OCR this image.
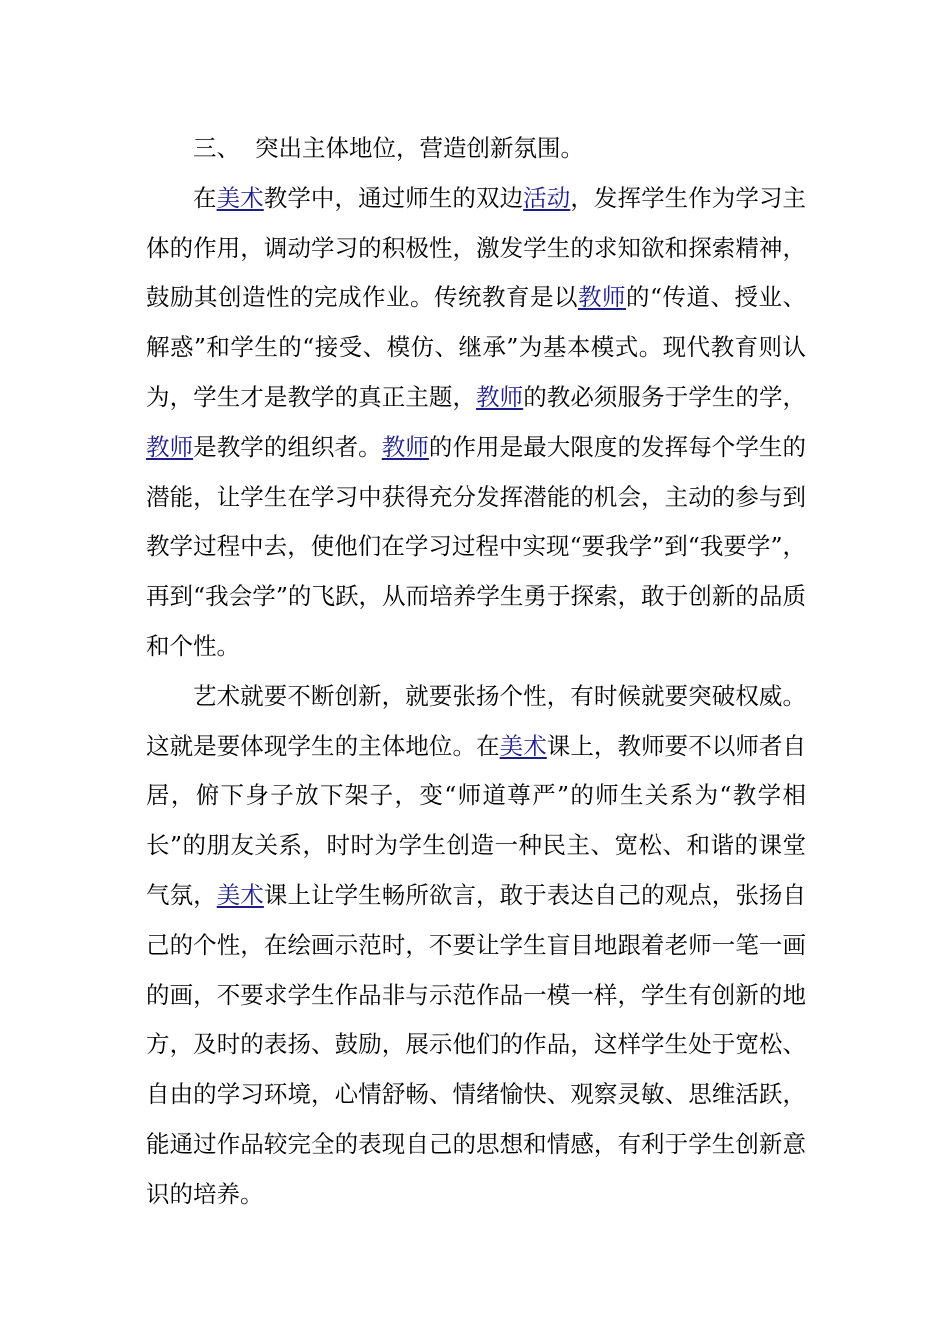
三、 突出主体地位，营造创新氛围。

在美术教学中，通过师生的双边活动，发挥学生作为学习主体的作用，调动学习的积极性，激发学生的求知欲和探索精神，鼓励其创造性的完成作业。传统教育是以教师的“传道、授业、解惑”和学生的“接受、模仿、继承”为基本模式。现代教育则认为，学生才是教学的真正主题，教师的教必须服务于学生的学，教师是教学的组织者。教师的作用是最大限度的发挥每个学生的潜能，让学生在学习中获得充分发挥潜能的机会，主动的参与到教学过程中去，使他们在学习过程中实现“要我学”到“我要学”，再到“我会学”的飞跃，从而培养学生勇于探索，敢于创新的品质和个性。

艺术就要不断创新，就要张扬个性，有时候就要突破权威。这就是要体现学生的主体地位。在美术课上，教师要不以师者自居，俯下身子放下架子，变“师道尊严”的师生关系为“教学相长”的朋友关系，时时为学生创造一种民主、宽松、和谐的课堂气氛，美术课上让学生畅所欲言，敢于表达自己的观点，张扬自己的个性，在绘画示范时，不要让学生盲目地跟着老师一笔一画的画，不要求学生作品非与示范作品一模一样，学生有创新的地方，及时的表扬、鼓励，展示他们的作品，这样学生处于宽松、自由的学习环境，心情舒畅、情绪愉快、观察灵敏、思维活跃，能通过作品较完全的表现自己的思想和情感，有利于学生创新意识的培养。
